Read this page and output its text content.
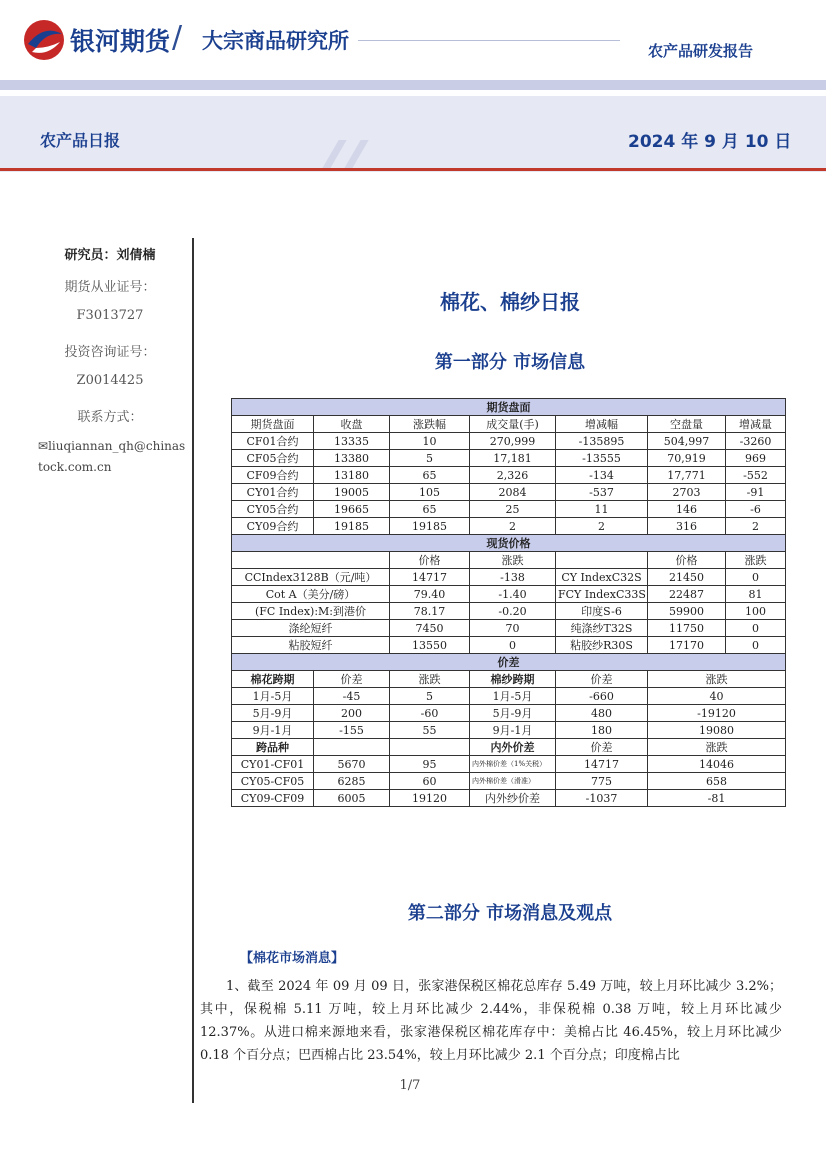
银河期货 / 大宗商品研究所	农产品研发报告
农产品日报	2024 年 9 月 10 日
研究员：刘倩楠
期货从业证号：
F3013727
投资咨询证号：
Z0014425
联系方式：
✉liuqiannan_qh@chinastock.com.cn
棉花、棉纱日报
第一部分 市场信息
期货盘面						
期货盘面	收盘	涨跌幅	成交量(手)	增减幅	空盘量	增减量
CF01合约	13335	10	270,999	-135895	504,997	-3260
CF05合约	13380	5	17,181	-13555	70,919	969
CF09合约	13180	65	2,326	-134	17,771	-552
CY01合约	19005	105	2084	-537	2703	-91
CY05合约	19665	65	25	11	146	-6
CY09合约	19185	19185	2	2	316	2
现货价格						
		价格	涨跌		价格	涨跌
CCIndex3128B（元/吨）		14717	-138	CY IndexC32S	21450	0
Cot A（美分/磅）		79.40	-1.40	FCY IndexC33S	22487	81
(FC Index):M:到港价		78.17	-0.20	印度S-6	59900	100
涤纶短纤		7450	70	纯涤纱T32S	11750	0
粘胶短纤		13550	0	粘胶纱R30S	17170	0
价差						
棉花跨期	价差	涨跌	棉纱跨期	价差	涨跌	
1月-5月	-45	5	1月-5月	-660	40	
5月-9月	200	-60	5月-9月	480	-19120	
9月-1月	-155	55	9月-1月	180	19080	
跨品种			内外价差	价差	涨跌	
CY01-CF01	5670	95	内外棉价差（1%关税）	14717	14046	
CY05-CF05	6285	60	内外棉价差（滑准）	775	658	
CY09-CF09	6005	19120	内外纱价差	-1037	-81	
第二部分 市场消息及观点
【棉花市场消息】
1、截至 2024 年 09 月 09 日，张家港保税区棉花总库存 5.49 万吨，较上月环比减少 3.2%；其中，保税棉 5.11 万吨，较上月环比减少 2.44%，非保税棉 0.38 万吨，较上月环比减少 12.37%。从进口棉来源地来看，张家港保税区棉花库存中：美棉占比 46.45%，较上月环比减少 0.18 个百分点；巴西棉占比 23.54%，较上月环比减少 2.1 个百分点；印度棉占比
1/7
